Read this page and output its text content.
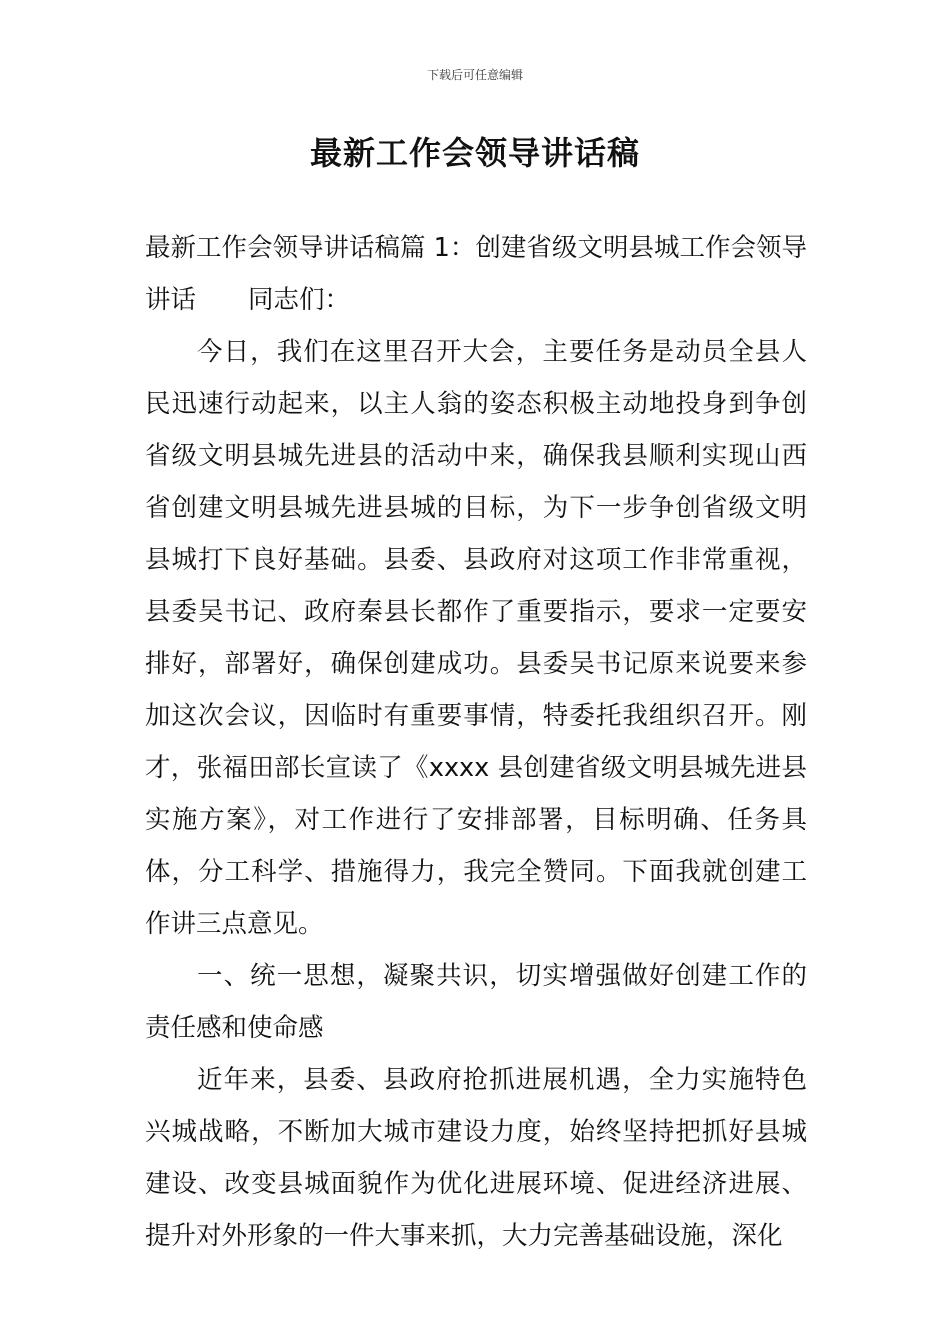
下载后可任意编辑
最新工作会领导讲话稿

最新工作会领导讲话稿篇 1：创建省级文明县城工作会领导讲话 同志们：

今日，我们在这里召开大会，主要任务是动员全县人民迅速行动起来，以主人翁的姿态积极主动地投身到争创省级文明县城先进县的活动中来，确保我县顺利实现山西省创建文明县城先进县城的目标，为下一步争创省级文明县城打下良好基础。县委、县政府对这项工作非常重视，县委吴书记、政府秦县长都作了重要指示，要求一定要安排好，部署好，确保创建成功。县委吴书记原来说要来参加这次会议，因临时有重要事情，特委托我组织召开。刚才，张福田部长宣读了《xxxx 县创建省级文明县城先进县实施方案》，对工作进行了安排部署，目标明确、任务具体，分工科学、措施得力，我完全赞同。下面我就创建工作讲三点意见。

一、统一思想，凝聚共识，切实增强做好创建工作的责任感和使命感

近年来，县委、县政府抢抓进展机遇，全力实施特色兴城战略，不断加大城市建设力度，始终坚持把抓好县城建设、改变县城面貌作为优化进展环境、促进经济进展、提升对外形象的一件大事来抓，大力完善基础设施，深化
